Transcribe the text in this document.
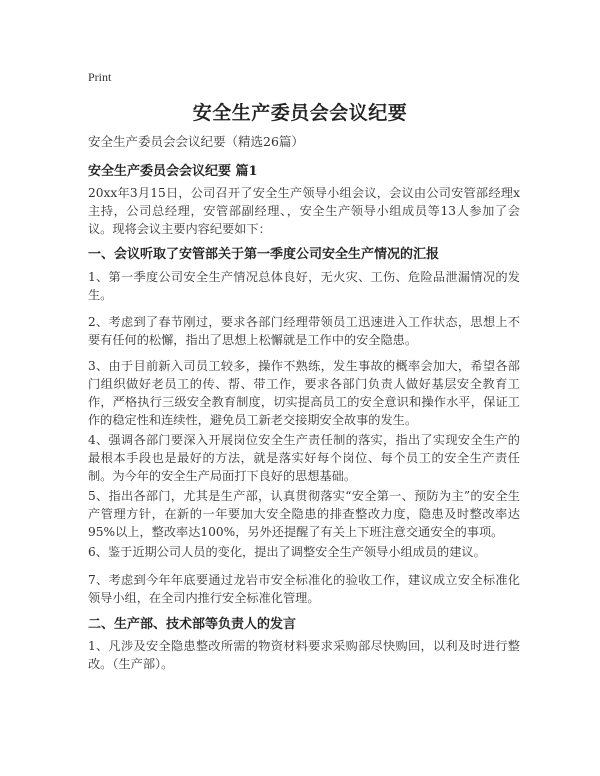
Print
安全生产委员会会议纪要
安全生产委员会会议纪要（精选26篇）
安全生产委员会会议纪要 篇1
20xx年3月15日，公司召开了安全生产领导小组会议，会议由公司安管部经理x主持，公司总经理，安管部副经理、，安全生产领导小组成员等13人参加了会议。现将会议主要内容纪要如下：
一、会议听取了安管部关于第一季度公司安全生产情况的汇报
1、第一季度公司安全生产情况总体良好，无火灾、工伤、危险品泄漏情况的发生。
2、考虑到了春节刚过，要求各部门经理带领员工迅速进入工作状态，思想上不要有任何的松懈，指出了思想上松懈就是工作中的安全隐患。
3、由于目前新入司员工较多，操作不熟练，发生事故的概率会加大，希望各部门组织做好老员工的传、帮、带工作，要求各部门负责人做好基层安全教育工作，严格执行三级安全教育制度，切实提高员工的安全意识和操作水平，保证工作的稳定性和连续性，避免员工新老交接期安全故事的发生。
4、强调各部门要深入开展岗位安全生产责任制的落实，指出了实现安全生产的最根本手段也是最好的方法，就是落实好每个岗位、每个员工的安全生产责任制。为今年的安全生产局面打下良好的思想基础。
5、指出各部门，尤其是生产部，认真贯彻落实“安全第一、预防为主”的安全生产管理方针，在新的一年要加大安全隐患的排查整改力度，隐患及时整改率达95%以上，整改率达100%，另外还提醒了有关上下班注意交通安全的事项。
6、鉴于近期公司人员的变化，提出了调整安全生产领导小组成员的建议。
7、考虑到今年年底要通过龙岩市安全标准化的验收工作，建议成立安全标准化领导小组，在全司内推行安全标准化管理。
二、生产部、技术部等负责人的发言
1、凡涉及安全隐患整改所需的物资材料要求采购部尽快购回，以利及时进行整改。（生产部）。
